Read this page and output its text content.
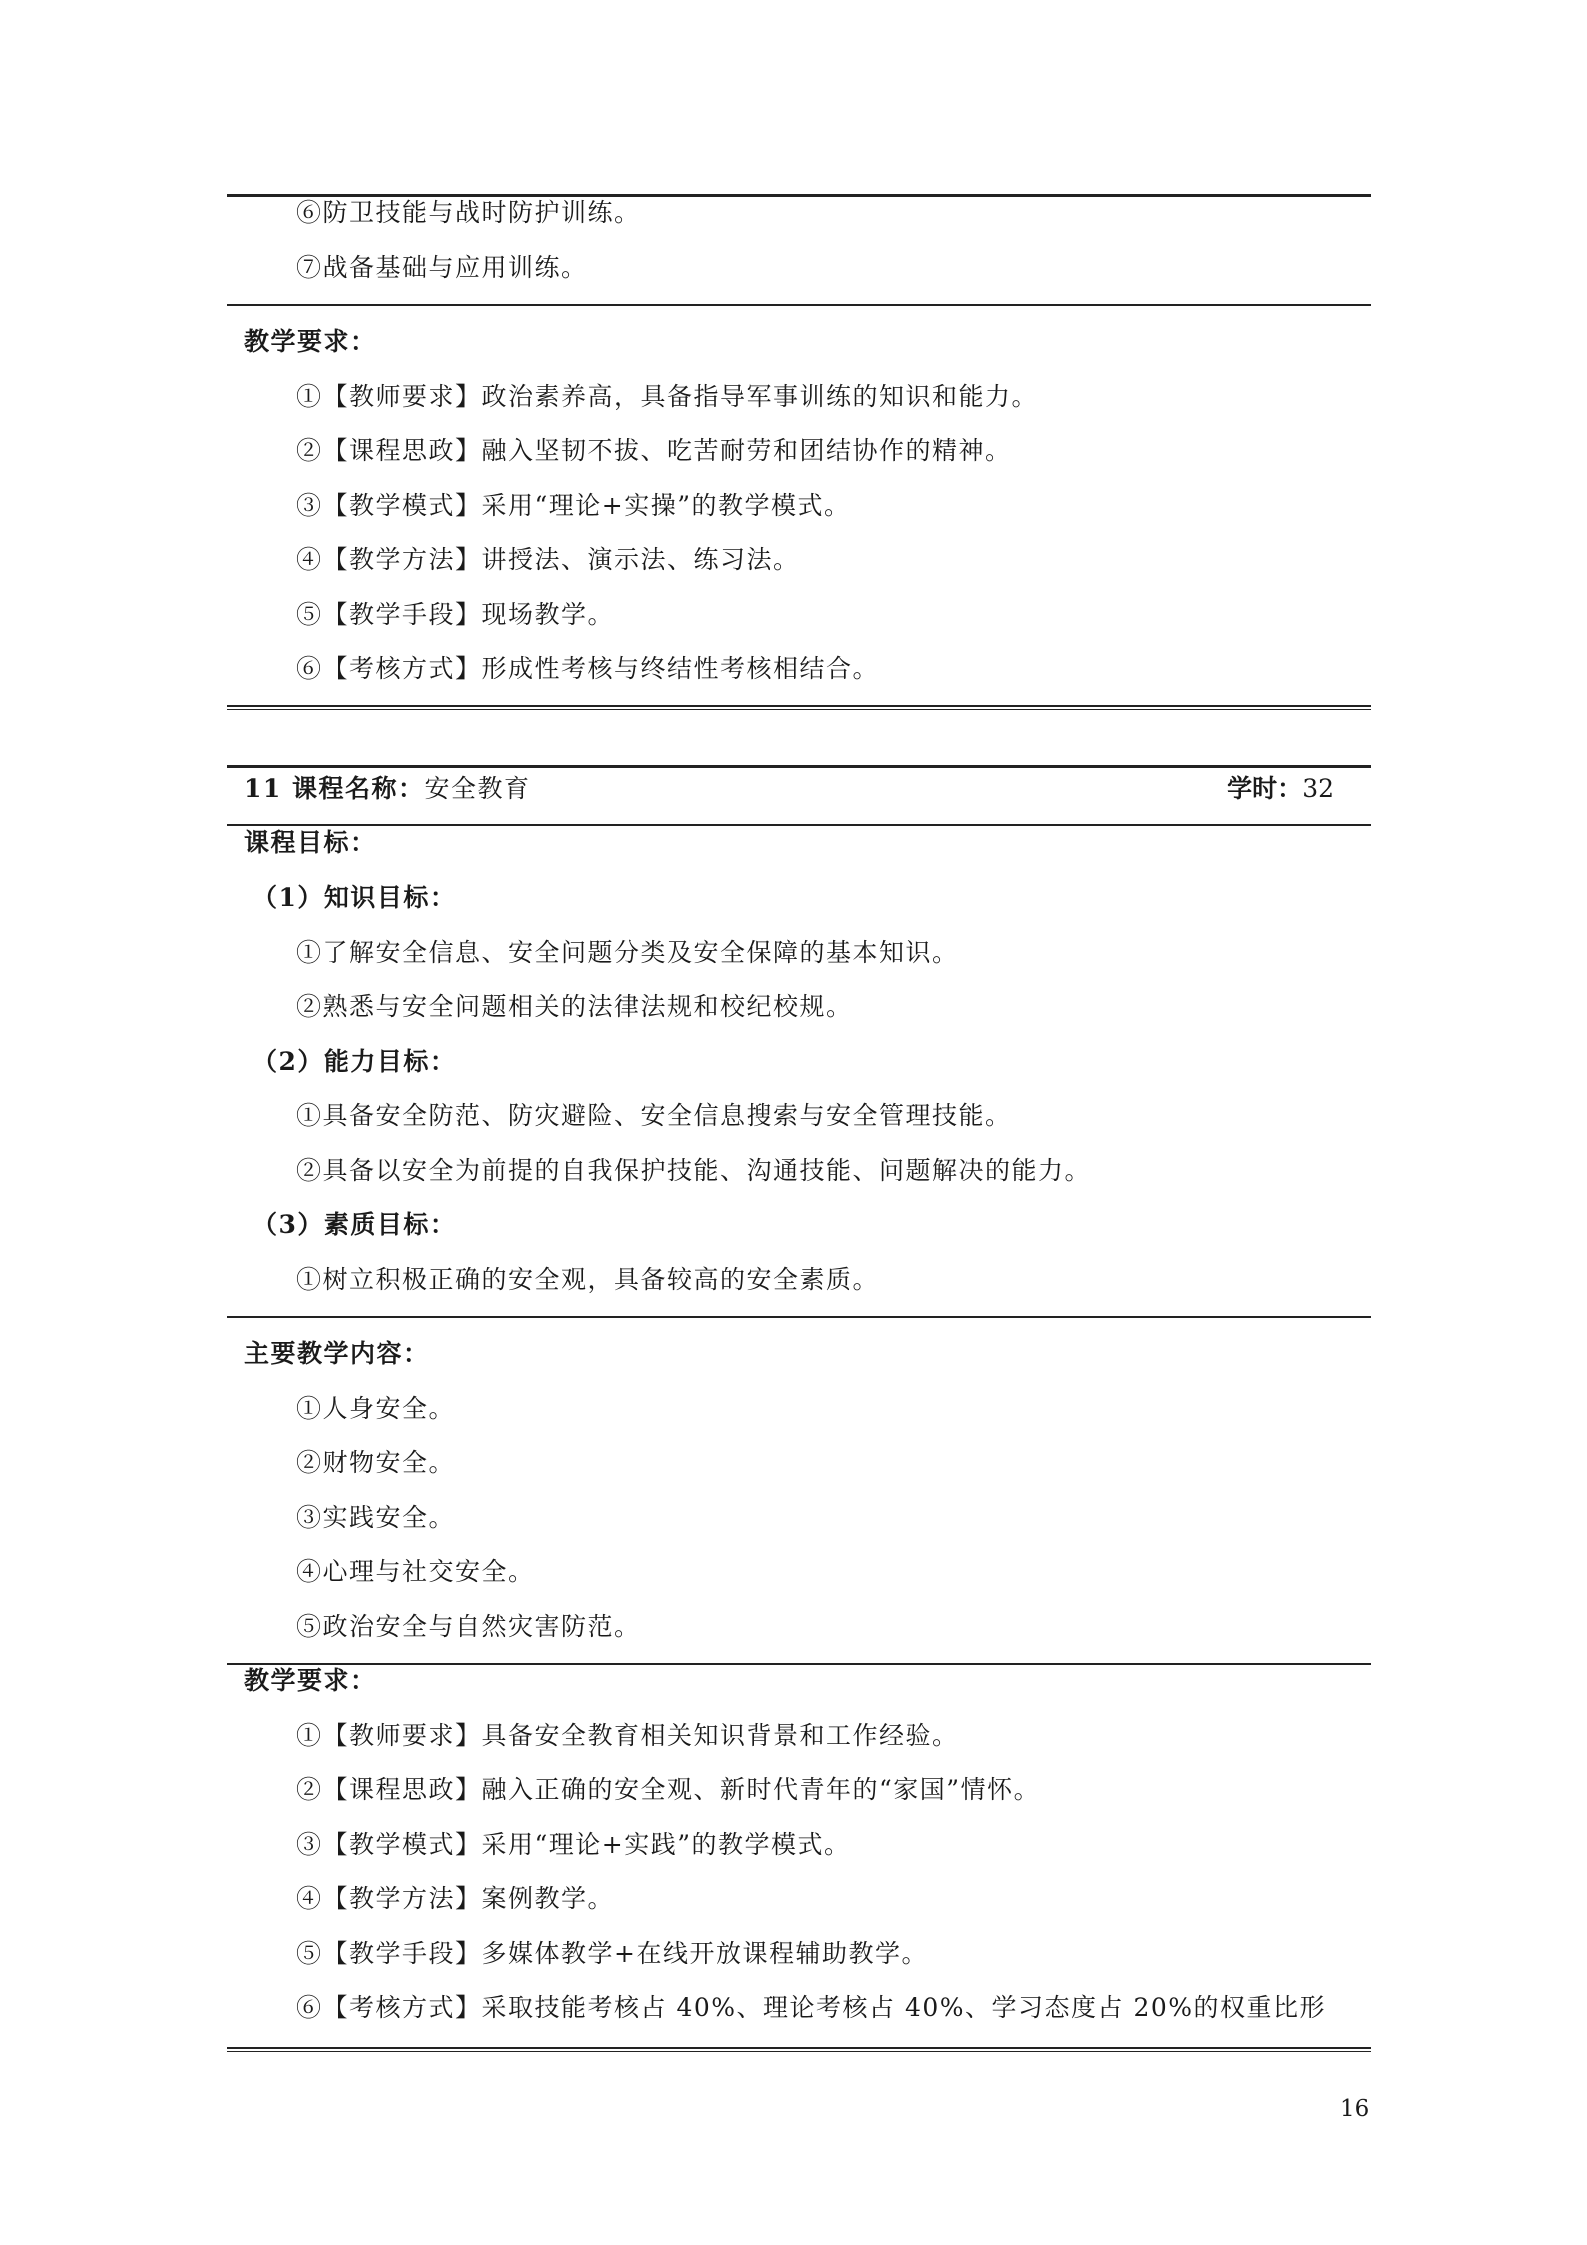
⑥防卫技能与战时防护训练。
⑦战备基础与应用训练。
教学要求：
①【教师要求】政治素养高，具备指导军事训练的知识和能力。
②【课程思政】融入坚韧不拔、吃苦耐劳和团结协作的精神。
③【教学模式】采用“理论+实操”的教学模式。
④【教学方法】讲授法、演示法、练习法。
⑤【教学手段】现场教学。
⑥【考核方式】形成性考核与终结性考核相结合。
11 课程名称：安全教育	学时：32
课程目标：
（1）知识目标：
①了解安全信息、安全问题分类及安全保障的基本知识。
②熟悉与安全问题相关的法律法规和校纪校规。
（2）能力目标：
①具备安全防范、防灾避险、安全信息搜索与安全管理技能。
②具备以安全为前提的自我保护技能、沟通技能、问题解决的能力。
（3）素质目标：
①树立积极正确的安全观，具备较高的安全素质。
主要教学内容：
①人身安全。
②财物安全。
③实践安全。
④心理与社交安全。
⑤政治安全与自然灾害防范。
教学要求：
①【教师要求】具备安全教育相关知识背景和工作经验。
②【课程思政】融入正确的安全观、新时代青年的“家国”情怀。
③【教学模式】采用“理论+实践”的教学模式。
④【教学方法】案例教学。
⑤【教学手段】多媒体教学+在线开放课程辅助教学。
⑥【考核方式】采取技能考核占 40%、理论考核占 40%、学习态度占 20%的权重比形
16
